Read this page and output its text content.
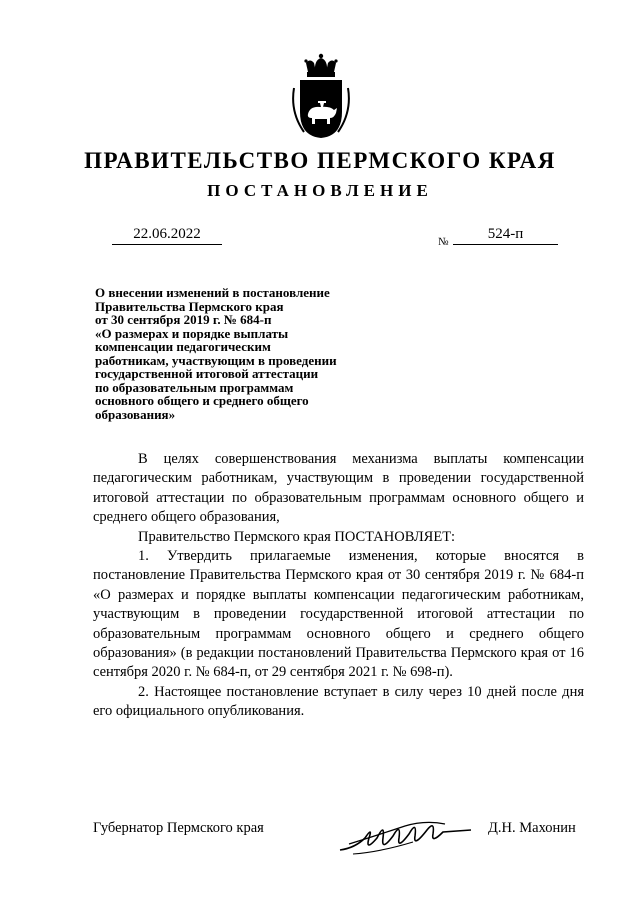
ПРАВИТЕЛЬСТВО ПЕРМСКОГО КРАЯ
ПОСТАНОВЛЕНИЕ
22.06.2022	№	524-п
О внесении изменений в постановление
Правительства Пермского края
от 30 сентября 2019 г. № 684-п
«О размерах и порядке выплаты
компенсации педагогическим
работникам, участвующим в проведении
государственной итоговой аттестации
по образовательным программам
основного общего и среднего общего
образования»

В целях совершенствования механизма выплаты компенсации педагогическим работникам, участвующим в проведении государственной итоговой аттестации по образовательным программам основного общего и среднего общего образования,

Правительство Пермского края ПОСТАНОВЛЯЕТ:

1. Утвердить прилагаемые изменения, которые вносятся в постановление Правительства Пермского края от 30 сентября 2019 г. № 684-п «О размерах и порядке выплаты компенсации педагогическим работникам, участвующим в проведении государственной итоговой аттестации по образовательным программам основного общего и среднего общего образования» (в редакции постановлений Правительства Пермского края от 16 сентября 2020 г. № 684-п, от 29 сентября 2021 г. № 698-п).

2. Настоящее постановление вступает в силу через 10 дней после дня его официального опубликования.

Губернатор Пермского края	Д.Н. Махонин
